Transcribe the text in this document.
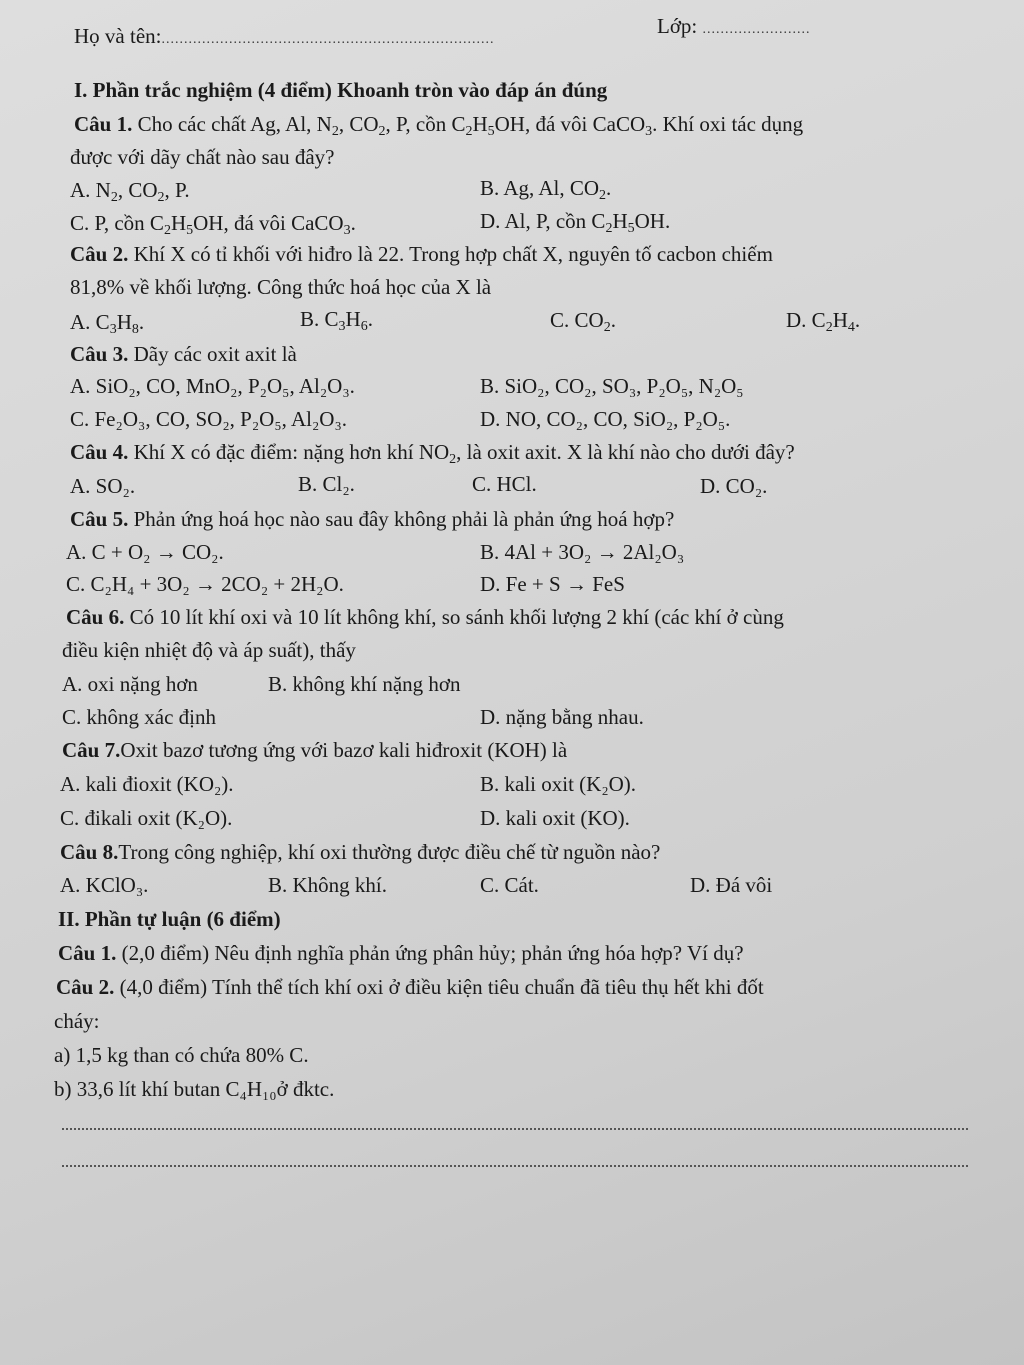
Họ và tên:..........................................................................
Lớp: ........................
I. Phần trắc nghiệm (4 điểm) Khoanh tròn vào đáp án đúng
Câu 1. Cho các chất Ag, Al, $N_2$, $CO_2$, P, cồn $C_2H_5OH$, đá vôi CaCO$_3$. Khí oxi tác dụng
được với dãy chất nào sau đây?
A. $N_2$, $CO_2$, P.	B. Ag, Al, $CO_2$.
C. P, cồn $C_2H_5OH$, đá vôi CaCO$_3$.	D. Al, P, cồn $C_2H_5OH$.
Câu 2. Khí X có tỉ khối với hiđro là 22. Trong hợp chất X, nguyên tố cacbon chiếm
81,8% về khối lượng. Công thức hoá học của X là
A. $C_3H_8$.	B. $C_3H_6$.	C. $CO_2$.	D. $C_2H_4$.
Câu 3. Dãy các oxit axit là
A. SiO₂, CO, MnO₂, P₂O₅, Al₂O₃.	B. SiO₂, CO₂, SO₃, P₂O₅, N₂O₅
C. Fe₂O₃, CO, SO₂, P₂O₅, Al₂O₃.	D. NO, CO₂, CO, SiO₂, P₂O₅.
Câu 4. Khí X có đặc điểm: nặng hơn khí $NO_2$, là oxit axit. X là khí nào cho dưới đây?
A. SO₂.	B. Cl₂.	C. HCl.	D. CO₂.
Câu 5. Phản ứng hoá học nào sau đây không phải là phản ứng hoá hợp?
A. C + O₂ → CO₂.	B. 4Al + 3O₂ → 2Al₂O₃
C. C₂H₄ + 3O₂ → 2CO₂ + 2H₂O.	D. Fe + S → FeS
Câu 6. Có 10 lít khí oxi và 10 lít không khí, so sánh khối lượng 2 khí (các khí ở cùng
điều kiện nhiệt độ và áp suất), thấy
A. oxi nặng hơn	B. không khí nặng hơn
C. không xác định	D. nặng bằng nhau.
Câu 7.Oxit bazơ tương ứng với bazơ kali hiđroxit (KOH) là
A. kali đioxit (KO₂).	B. kali oxit (K₂O).
C. đikali oxit (K₂O).	D. kali oxit (KO).
Câu 8.Trong công nghiệp, khí oxi thường được điều chế từ nguồn nào?
A. KClO₃.	B. Không khí.	C. Cát.	D. Đá vôi
II. Phần tự luận (6 điểm)
Câu 1. (2,0 điểm) Nêu định nghĩa phản ứng phân hủy; phản ứng hóa hợp? Ví dụ?
Câu 2. (4,0 điểm) Tính thể tích khí oxi ở điều kiện tiêu chuẩn đã tiêu thụ hết khi đốt
cháy:
a) 1,5 kg than có chứa 80% C.
b) 33,6 lít khí butan C₄H₁₀ở đktc.
